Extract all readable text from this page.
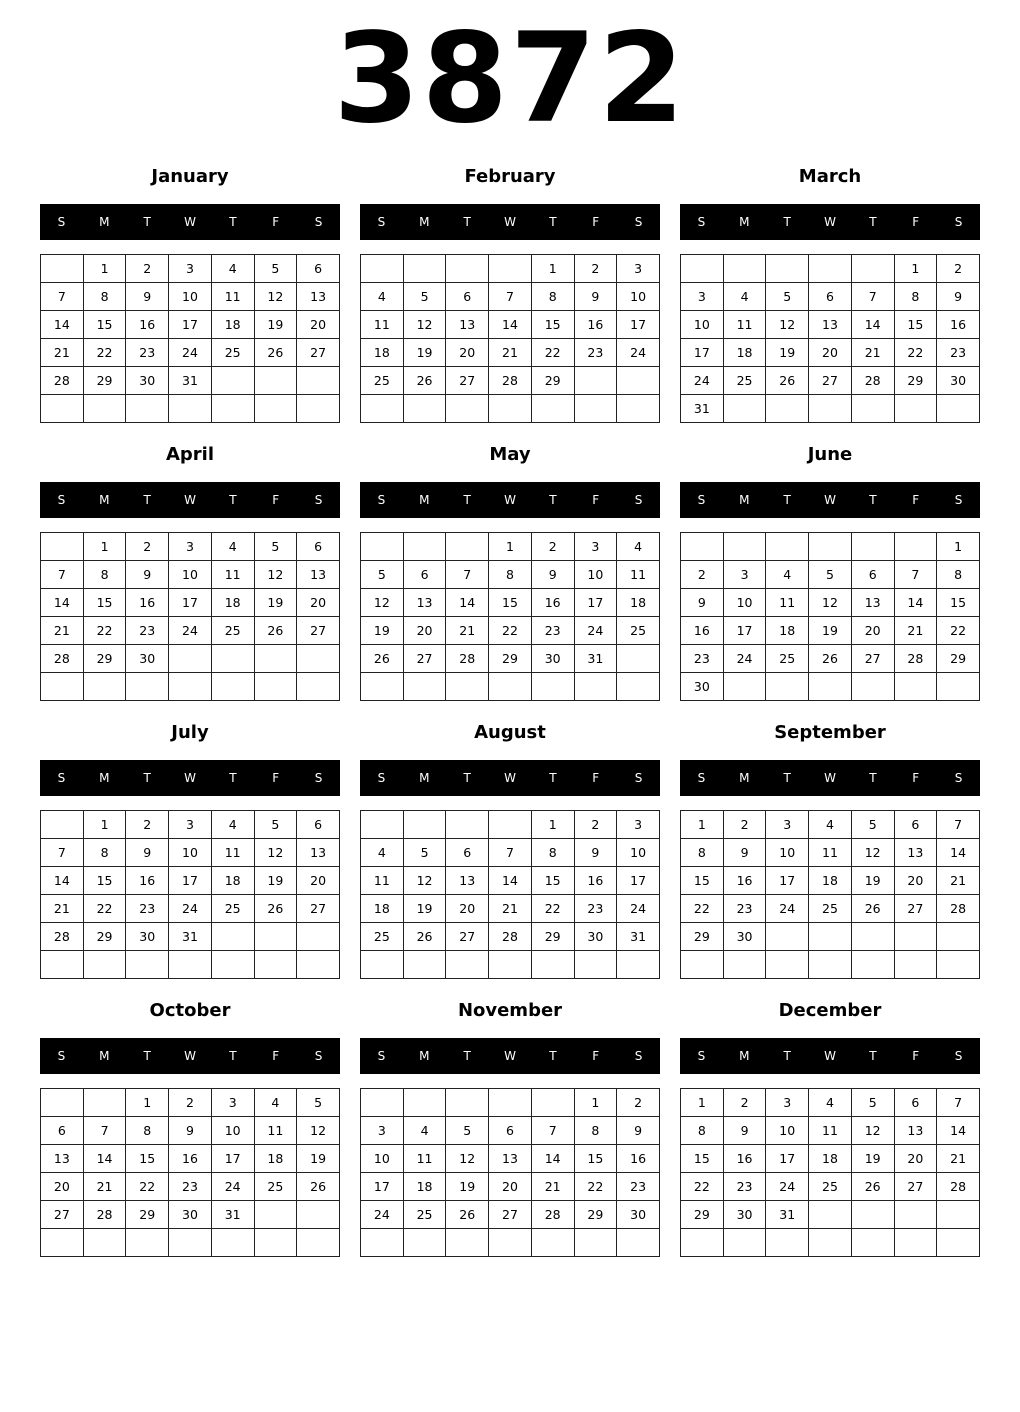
3872
January
S	M	T	W	T	F	S
	1	2	3	4	5	6
7	8	9	10	11	12	13
14	15	16	17	18	19	20
21	22	23	24	25	26	27
28	29	30	31			

February
S	M	T	W	T	F	S
				1	2	3
4	5	6	7	8	9	10
11	12	13	14	15	16	17
18	19	20	21	22	23	24
25	26	27	28	29		

March
S	M	T	W	T	F	S
					1	2
3	4	5	6	7	8	9
10	11	12	13	14	15	16
17	18	19	20	21	22	23
24	25	26	27	28	29	30
31						
April
S	M	T	W	T	F	S
	1	2	3	4	5	6
7	8	9	10	11	12	13
14	15	16	17	18	19	20
21	22	23	24	25	26	27
28	29	30				

May
S	M	T	W	T	F	S
			1	2	3	4
5	6	7	8	9	10	11
12	13	14	15	16	17	18
19	20	21	22	23	24	25
26	27	28	29	30	31	

June
S	M	T	W	T	F	S
						1
2	3	4	5	6	7	8
9	10	11	12	13	14	15
16	17	18	19	20	21	22
23	24	25	26	27	28	29
30						
July
S	M	T	W	T	F	S
	1	2	3	4	5	6
7	8	9	10	11	12	13
14	15	16	17	18	19	20
21	22	23	24	25	26	27
28	29	30	31			

August
S	M	T	W	T	F	S
				1	2	3
4	5	6	7	8	9	10
11	12	13	14	15	16	17
18	19	20	21	22	23	24
25	26	27	28	29	30	31

September
S	M	T	W	T	F	S
1	2	3	4	5	6	7
8	9	10	11	12	13	14
15	16	17	18	19	20	21
22	23	24	25	26	27	28
29	30					

October
S	M	T	W	T	F	S
		1	2	3	4	5
6	7	8	9	10	11	12
13	14	15	16	17	18	19
20	21	22	23	24	25	26
27	28	29	30	31		

November
S	M	T	W	T	F	S
					1	2
3	4	5	6	7	8	9
10	11	12	13	14	15	16
17	18	19	20	21	22	23
24	25	26	27	28	29	30

December
S	M	T	W	T	F	S
1	2	3	4	5	6	7
8	9	10	11	12	13	14
15	16	17	18	19	20	21
22	23	24	25	26	27	28
29	30	31				
